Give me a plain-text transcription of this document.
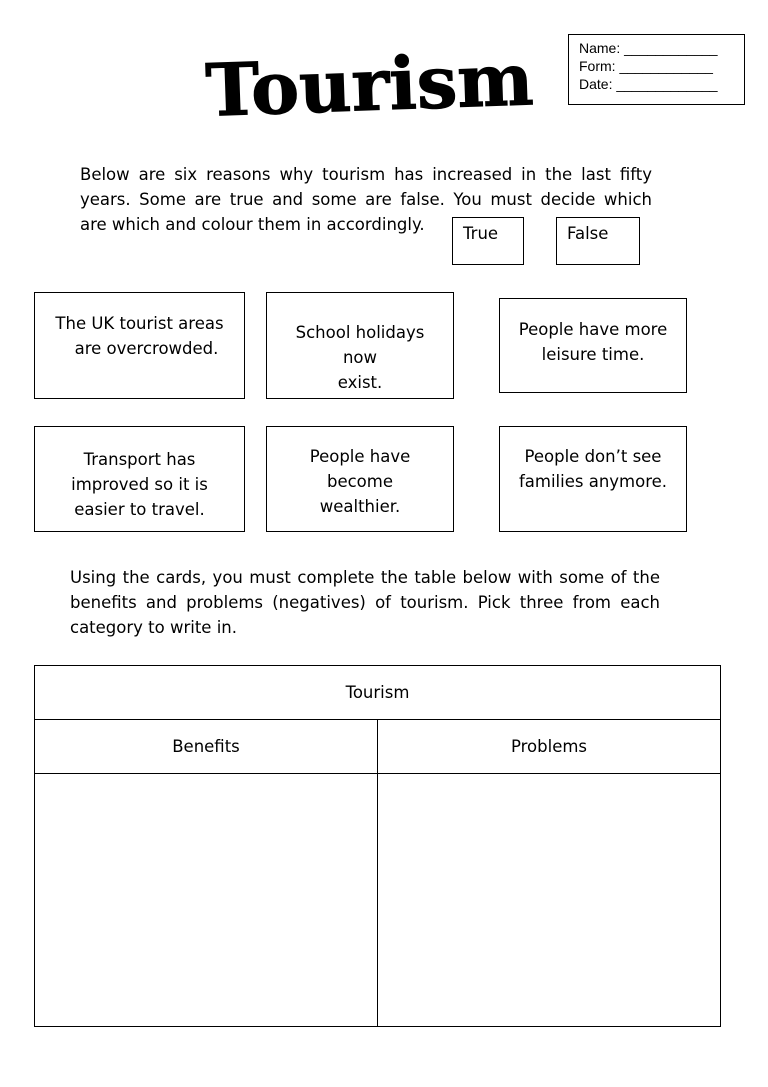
Tourism	Name: ____________
Form: ____________
Date: _____________
Below are six reasons why tourism has increased in the last fifty
years. Some are true and some are false. You must decide which
are which and colour them in accordingly.	True	False
The UK tourist areas
are overcrowded.
School holidays now
exist.
People have more
leisure time.
Transport has
improved so it is
easier to travel.
People have become
wealthier.
People don’t see
families anymore.
Using the cards, you must complete the table below with some of the
benefits and problems (negatives) of tourism. Pick three from each
category to write in.
Tourism	
Benefits	Problems
